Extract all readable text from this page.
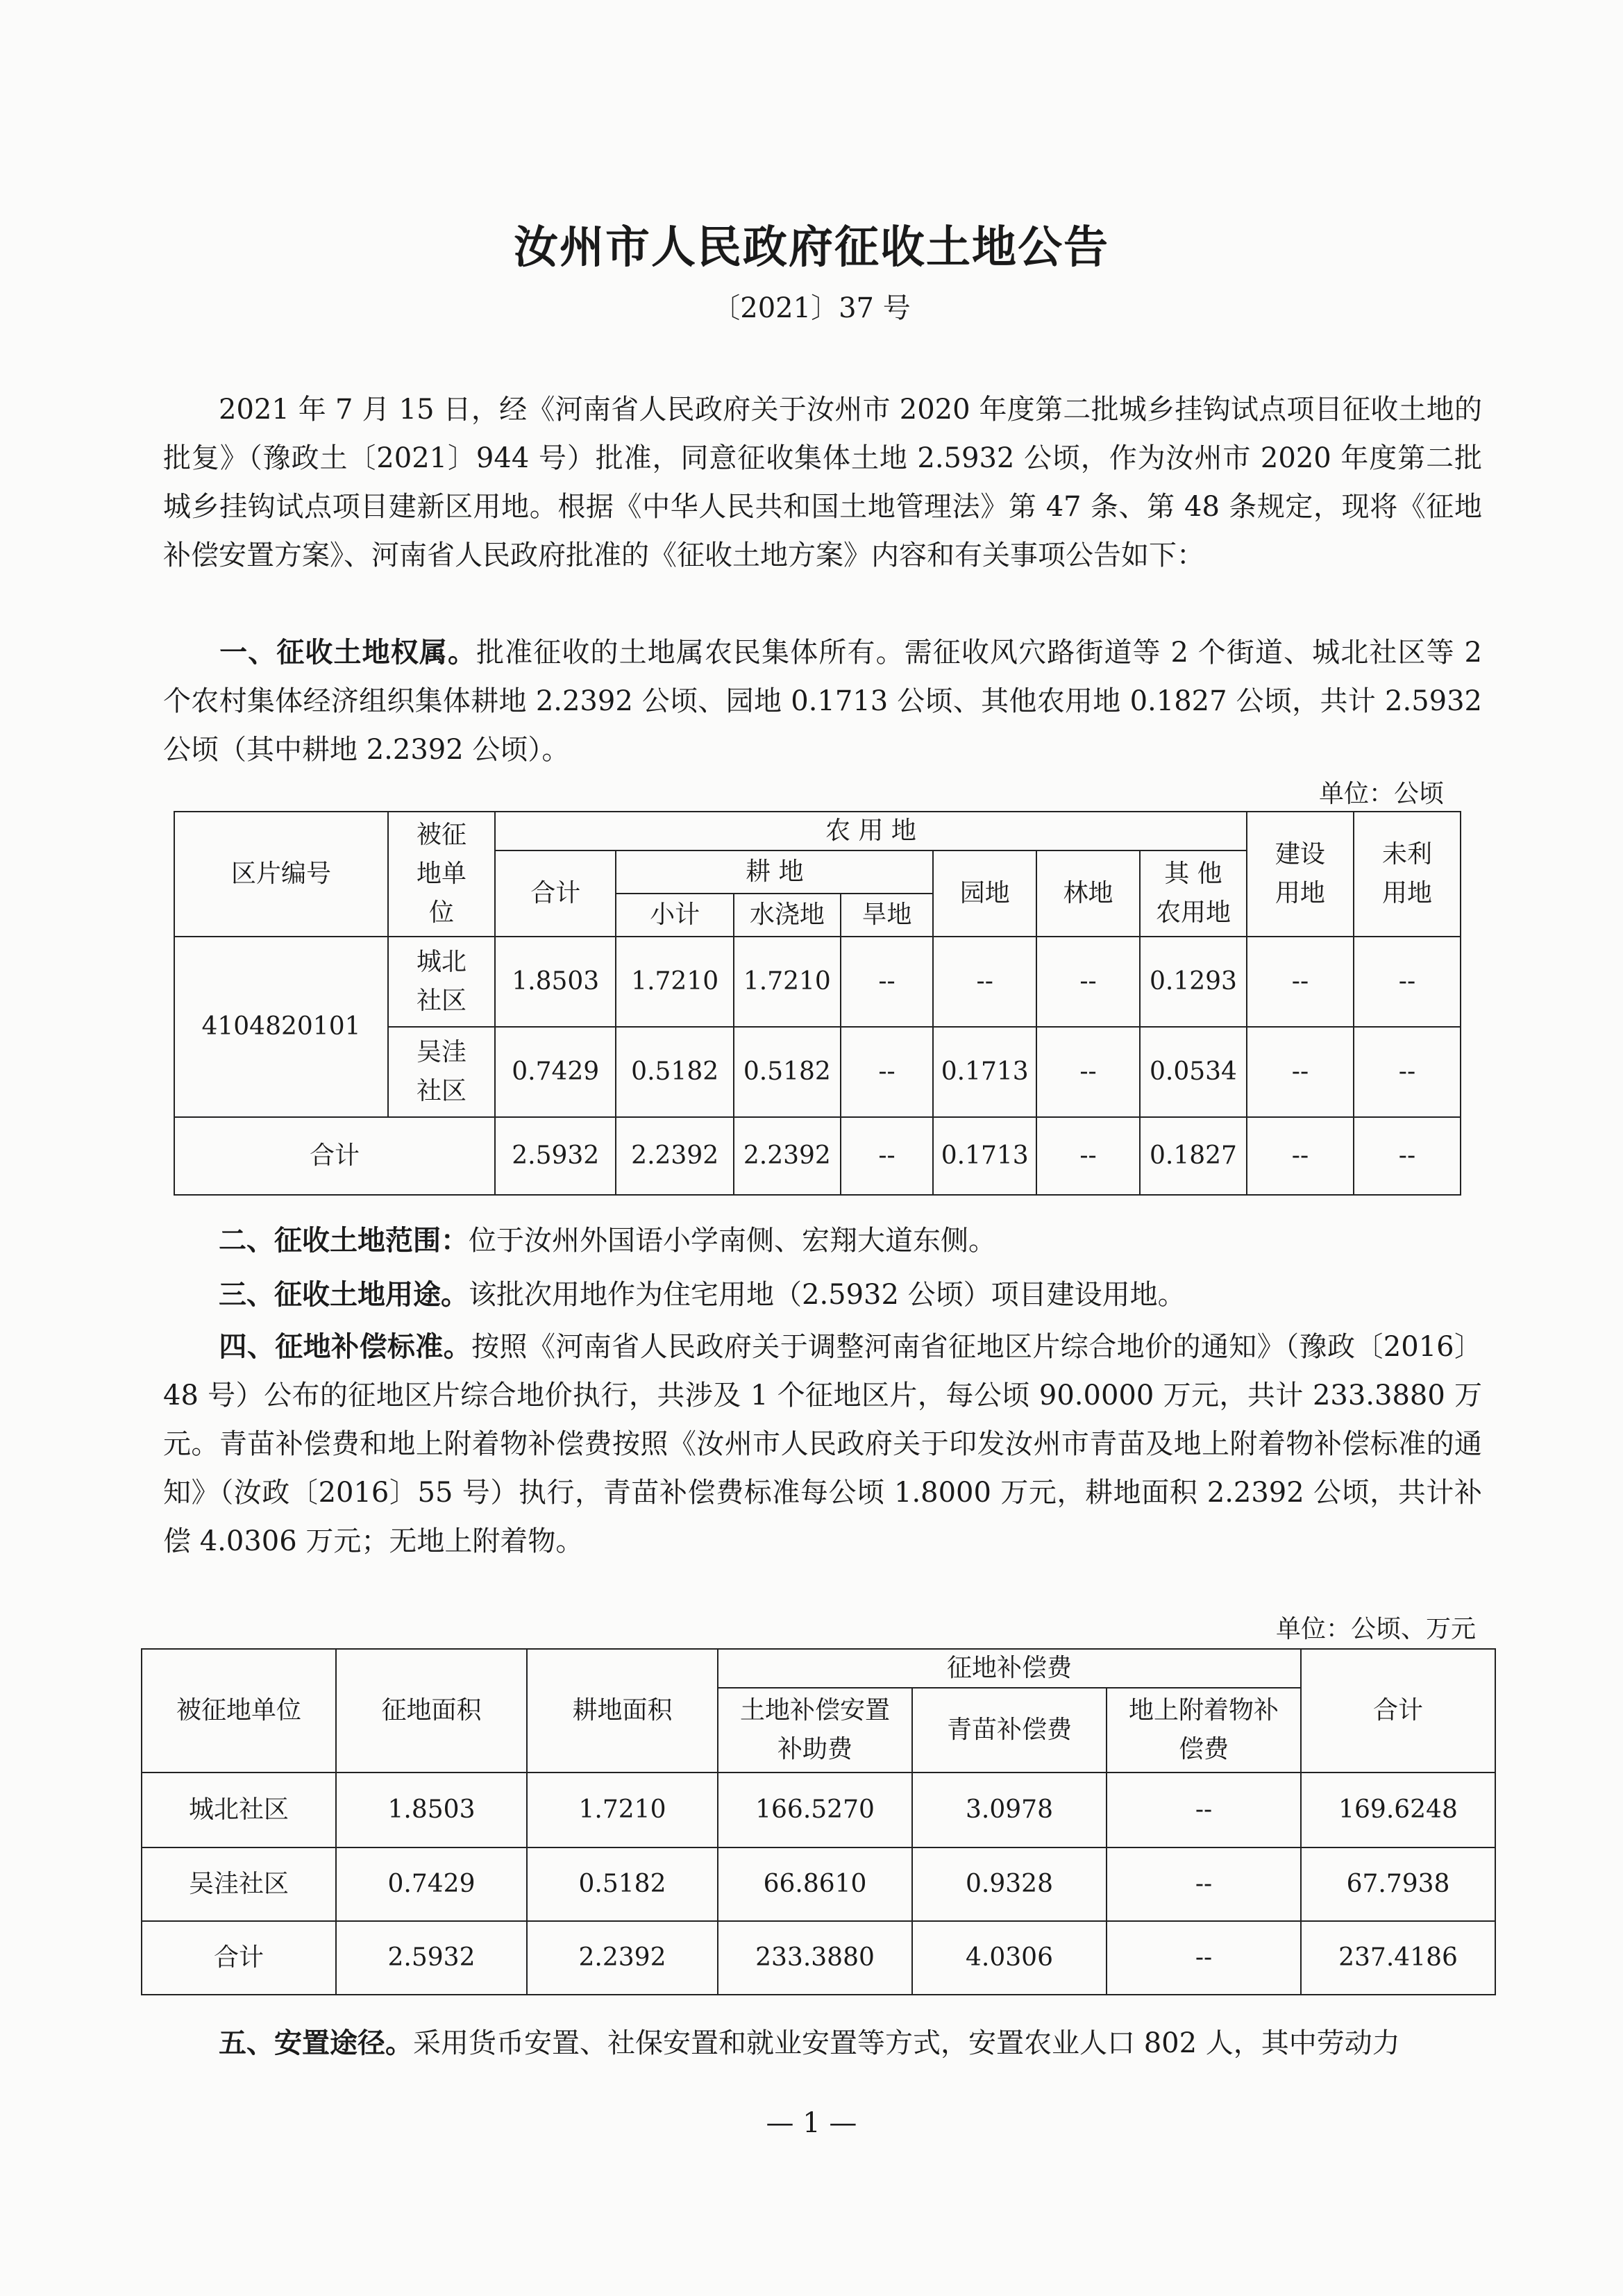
汝州市人民政府征收土地公告
〔2021〕37 号
2021 年 7 月 15 日，经《河南省人民政府关于汝州市 2020 年度第二批城乡挂钩试点项目征收土地的批复》（豫政土〔2021〕944 号）批准，同意征收集体土地 2.5932 公顷，作为汝州市 2020 年度第二批城乡挂钩试点项目建新区用地。根据《中华人民共和国土地管理法》第 47 条、第 48 条规定，现将《征地补偿安置方案》、河南省人民政府批准的《征收土地方案》内容和有关事项公告如下：
一、征收土地权属。批准征收的土地属农民集体所有。需征收风穴路街道等 2 个街道、城北社区等 2 个农村集体经济组织集体耕地 2.2392 公顷、园地 0.1713 公顷、其他农用地 0.1827 公顷，共计 2.5932 公顷（其中耕地 2.2392 公顷）。
单位：公顷
区片编号	被征地单位	农 用 地							建设用地	未利用地

		合计	耕 地			园地	林地	其 他 农用地		

			小计	水浇地	旱地					
4104820101	城北社区	1.8503	1.7210	1.7210	--	--	--	0.1293	--	--

	吴洼社区	0.7429	0.5182	0.5182	--	0.1713	--	0.0534	--	--
合计		2.5932	2.2392	2.2392	--	0.1713	--	0.1827	--	--
二、征收土地范围：位于汝州外国语小学南侧、宏翔大道东侧。
三、征收土地用途。该批次用地作为住宅用地（2.5932 公顷）项目建设用地。
四、征地补偿标准。按照《河南省人民政府关于调整河南省征地区片综合地价的通知》（豫政〔2016〕48 号）公布的征地区片综合地价执行，共涉及 1 个征地区片，每公顷 90.0000 万元，共计 233.3880 万元。青苗补偿费和地上附着物补偿费按照《汝州市人民政府关于印发汝州市青苗及地上附着物补偿标准的通知》（汝政〔2016〕55 号）执行，青苗补偿费标准每公顷 1.8000 万元，耕地面积 2.2392 公顷，共计补偿 4.0306 万元；无地上附着物。
单位：公顷、万元
被征地单位	征地面积	耕地面积	征地补偿费			合计

			土地补偿安置补助费	青苗补偿费	地上附着物补偿费	

城北社区	1.8503	1.7210	166.5270	3.0978	--	169.6248
吴洼社区	0.7429	0.5182	66.8610	0.9328	--	67.7938
合计	2.5932	2.2392	233.3880	4.0306	--	237.4186
五、安置途径。采用货币安置、社保安置和就业安置等方式，安置农业人口 802 人，其中劳动力
— 1 —
